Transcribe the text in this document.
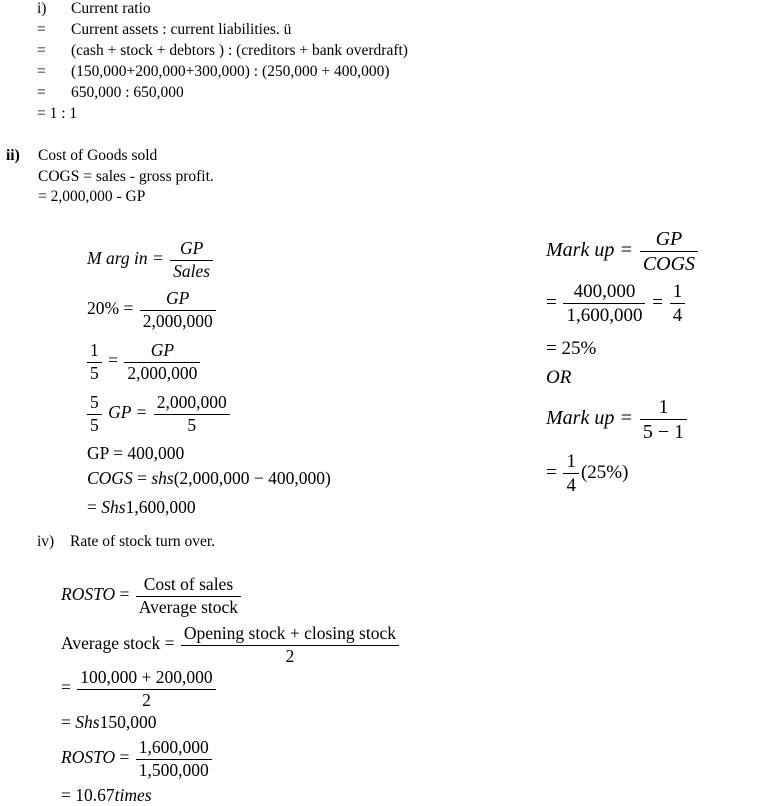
i) Current ratio
= Current assets : current liabilities. ü
= (cash + stock + debtors ) : (creditors + bank overdraft)
= (150,000+200,000+300,000) : (250,000 + 400,000)
= 650,000 : 650,000
= 1 : 1
ii) Cost of Goods sold
COGS = sales - gross profit.
= 2,000,000 - GP
M arg in = $\frac{GP}{\text{Sales}}$
$20\% = \frac{GP}{2,000,000}$
$\frac{1}{5} = \frac{GP}{2,000,000}$
$\frac{5}{5}$ GP = $\frac{2,000,000}{5}$
GP = 400,000
COGS = shs(2,000,000 − 400,000)
= Shs1,600,000
Mark up = $\frac{GP}{\text{COGS}}$
= $\frac{400,000}{1,600,000} = \frac{1}{4}$
= 25%
OR
Mark up = $\frac{1}{5 - 1}$
= $\frac{1}{4} (25\%)$
iv) Rate of stock turn over.
ROSTO = $\frac{\text{Cost of sales}}{\text{Average stock}}$
Average stock = $\frac{\text{Opening stock + closing stock}}{2}$
= $\frac{100,000 + 200,000}{2}$
= Shs150,000
ROSTO = $\frac{1,600,000}{1,500,000}$
= 10.67times
